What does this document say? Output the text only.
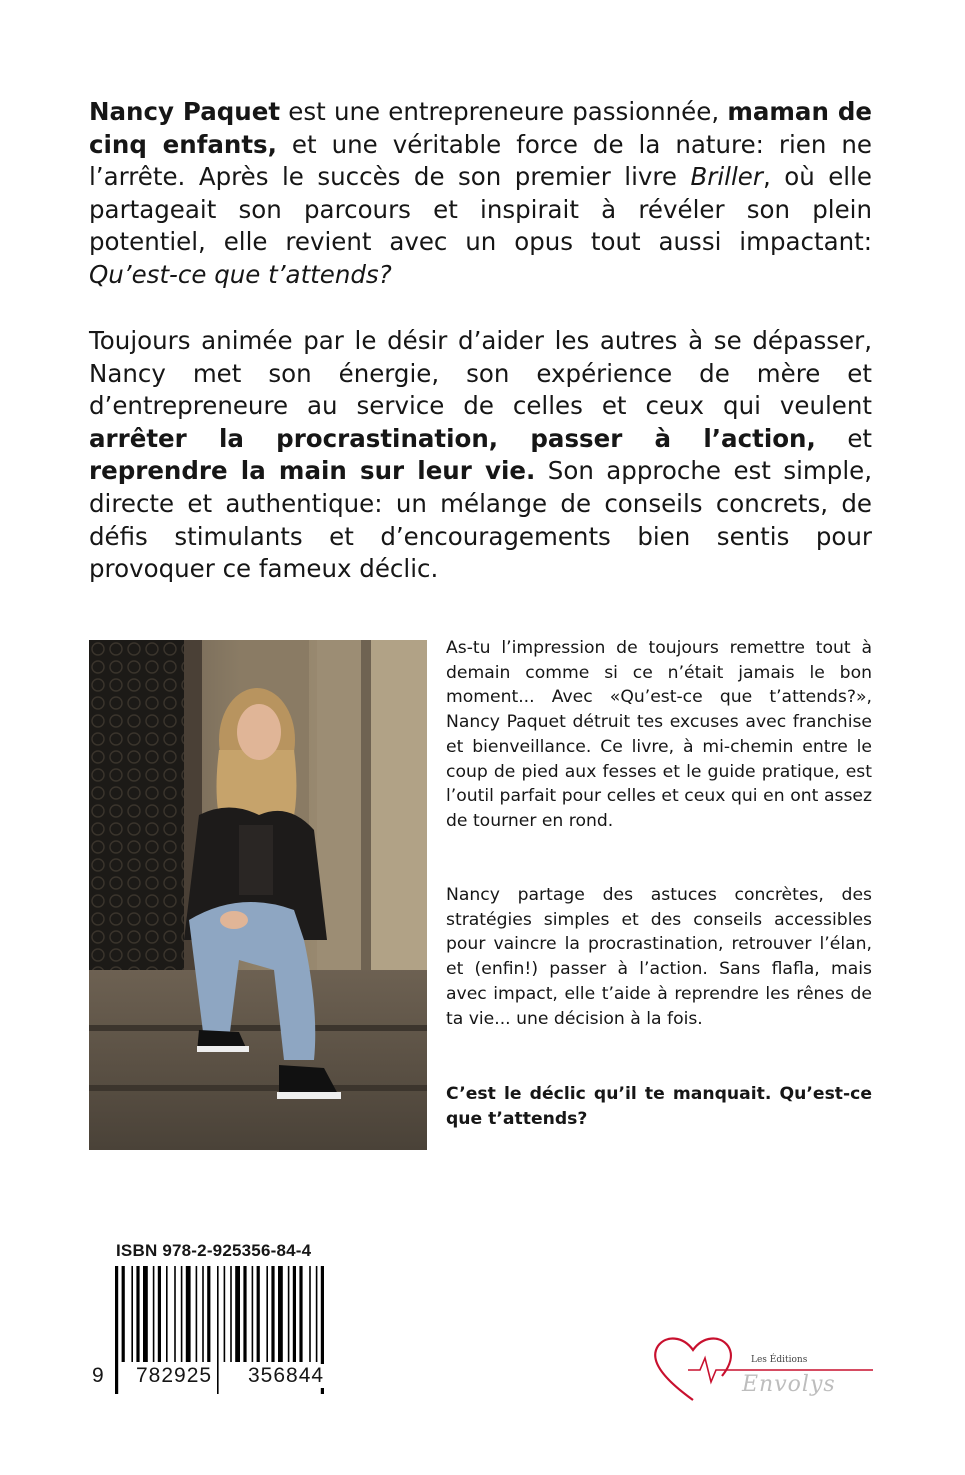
Nancy Paquet est une entrepreneure passionnée, maman de cinq enfants, et une véritable force de la nature: rien ne l’arrête. Après le succès de son premier livre Briller, où elle partageait son parcours et inspirait à révéler son plein potentiel, elle revient avec un opus tout aussi impactant: Qu’est-ce que t’attends?

Toujours animée par le désir d’aider les autres à se dépasser, Nancy met son énergie, son expérience de mère et d’entrepreneure au service de celles et ceux qui veulent arrêter la procrastination, passer à l’action, et reprendre la main sur leur vie. Son approche est simple, directe et authentique: un mélange de conseils concrets, de défis stimulants et d’encouragements bien sentis pour provoquer ce fameux déclic.

As-tu l’impression de toujours remettre tout à demain comme si ce n’était jamais le bon moment... Avec «Qu’est-ce que t’attends?», Nancy Paquet détruit tes excuses avec franchise et bienveillance. Ce livre, à mi-chemin entre le coup de pied aux fesses et le guide pratique, est l’outil parfait pour celles et ceux qui en ont assez de tourner en rond.

Nancy partage des astuces concrètes, des stratégies simples et des conseils accessibles pour vaincre la procrastination, retrouver l’élan, et (enfin!) passer à l’action. Sans flafla, mais avec impact, elle t’aide à reprendre les rênes de ta vie... une décision à la fois.

C’est le déclic qu’il te manquait. Qu’est-ce que t’attends?

ISBN 978-2-925356-84-4
9 782925 356844
Les Éditions
Envolys
